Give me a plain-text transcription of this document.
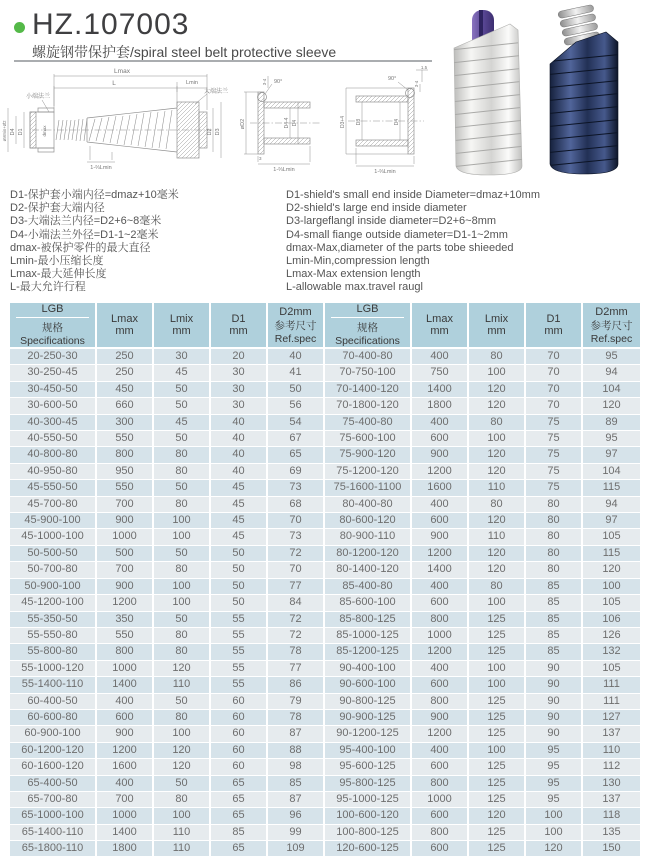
HZ.107003
螺旋钢带保护套/spiral steel belt protective sleeve
Lmax
L	Lmin
小端法兰
大端法兰
D1
D4	dmax
øMmin+Ø2	D2 D3
1-⅔Lmin
90°
3-4
øD2	D4-4 D4
3
1-⅔Lmin
1.5
90°
3-4
D3+4 D3	D4
1-⅔Lmin
D1-保护套小端内径=dmaz+10毫米
D2-保护套大端内径
D3-大端法兰内径=D2+6~8毫米
D4-小端法兰外径=D1-1~2毫米
dmax-被保护零件的最大直径
Lmin-最小压缩长度
Lmax-最大延伸长度
L-最大允许行程
D1-shield's small end inside Diameter=dmaz+10mm
D2-shield's large end inside diameter
D3-largeflangl inside diameter=D2+6~8mm
D4-small fiange outside diameter=D1-1~2mm
dmax-Max,diameter of the parts tobe shieeded
Lmin-Min,compression length
Lmax-Max extension length
L-allowable max.travel raugl
LGB
规格
Specifications

Lmax
mm

Lmix
mm

D1
mm

D2mm
参考尺寸
Ref.spec

20-250-30	250	30	20	40
30-250-45	250	45	30	41
30-450-50	450	50	30	50
30-600-50	660	50	30	56
40-300-45	300	45	40	54
40-550-50	550	50	40	67
40-800-80	800	80	40	65
40-950-80	950	80	40	69
45-550-50	550	50	45	73
45-700-80	700	80	45	68
45-900-100	900	100	45	70
45-1000-100	1000	100	45	73
50-500-50	500	50	50	72
50-700-80	700	80	50	70
50-900-100	900	100	50	77
45-1200-100	1200	100	50	84
55-350-50	350	50	55	72
55-550-80	550	80	55	72
55-800-80	800	80	55	78
55-1000-120	1000	120	55	77
55-1400-110	1400	110	55	86
60-400-50	400	50	60	79
60-600-80	600	80	60	78
60-900-100	900	100	60	87
60-1200-120	1200	120	60	88
60-1600-120	1600	120	60	98
65-400-50	400	50	65	85
65-700-80	700	80	65	87
65-1000-100	1000	100	65	96
65-1400-110	1400	110	85	99
65-1800-110	1800	110	65	109
LGB
规格
Specifications

Lmax
mm

Lmix
mm

D1
mm

D2mm
参考尺寸
Ref.spec

70-400-80	400	80	70	95
70-750-100	750	100	70	94
70-1400-120	1400	120	70	104
70-1800-120	1800	120	70	120
75-400-80	400	80	75	89
75-600-100	600	100	75	95
75-900-120	900	120	75	97
75-1200-120	1200	120	75	104
75-1600-1100	1600	110	75	115
80-400-80	400	80	80	94
80-600-120	600	120	80	97
80-900-110	900	110	80	105
80-1200-120	1200	120	80	115
80-1400-120	1400	120	80	120
85-400-80	400	80	85	100
85-600-100	600	100	85	105
85-800-125	800	125	85	106
85-1000-125	1000	125	85	126
85-1200-125	1200	125	85	132
90-400-100	400	100	90	105
90-600-100	600	100	90	111
90-800-125	800	125	90	111
90-900-125	900	125	90	127
90-1200-125	1200	125	90	137
95-400-100	400	100	95	110
95-600-125	600	125	95	112
95-800-125	800	125	95	130
95-1000-125	1000	125	95	137
100-600-120	600	120	100	118
100-800-125	800	125	100	135
120-600-125	600	125	120	150
